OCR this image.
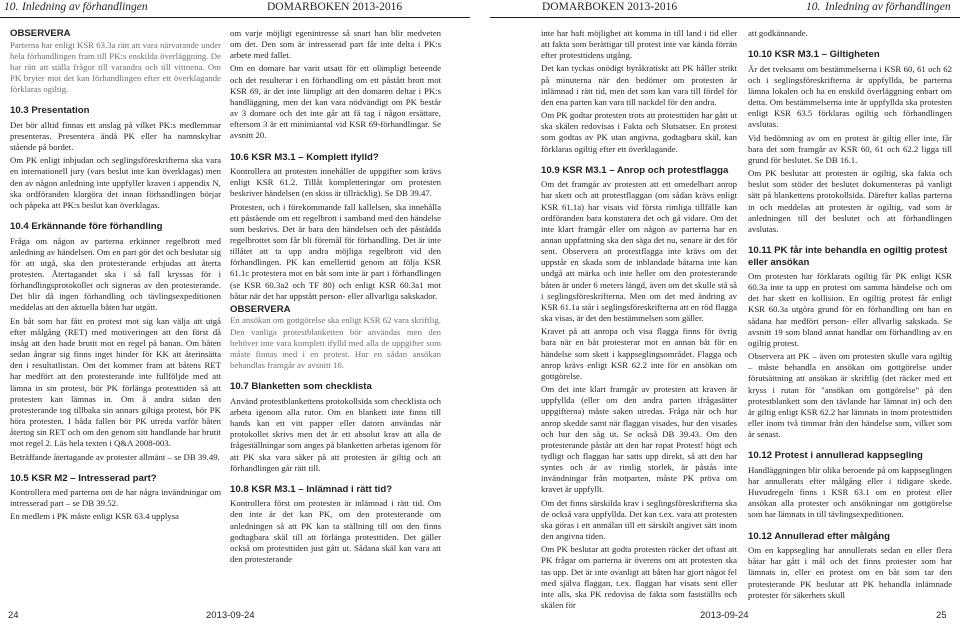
10. Inledning av förhandlingen	DOMARBOKEN 2013-2016	DOMARBOKEN 2013-2016	10. Inledning av förhandlingen
OBSERVERA

Parterna har enligt KSR 63.3a rätt att vara närvarande under hela förhandlingen fram till PK:s enskilda överläggning. De har rätt att ställa frågor till varandra och till vittnena. Om PK bryter mot det kan förhandlingen efter ett överklagande förklaras ogiltig.

10.3 Presentation

Det bör alltid finnas ett anslag på vilket PK:s medlemmar presenteras. Presentera ändå PK eller ha namnskyltar stående på bordet.

Om PK enligt inbjudan och seglingsföreskrifterna ska vara en internationell jury (vars beslut inte kan överklagas) men den av någon anledning inte uppfyller kraven i appendix N, ska ordföranden klargöra det innan förhandlingen börjar och påpeka att PK:s beslut kan överklagas.

10.4 Erkännande före förhandling

Fråga om någon av parterna erkänner regelbrott med anledning av händelsen. Om en part gör det och beslutar sig för att utgå, ska den protesterande erbjudas att återta protesten. Återtagandet ska i så fall kryssas för i förhandlingsprotokollet och signeras av den protesterande. Det blir då ingen förhandling och tävlingsexpeditionen meddelas att den aktuella båten har utgått.

En båt som har fått en protest mot sig kan välja att utgå efter målgång (RET) med motiveringen att den först då insåg att den hade brutit mot en regel på banan. Om båten sedan ångrar sig finns inget hinder för KK att återinsätta den i resultatlistan. Om det kommer fram att båtens RET har medfört att den protesterande inte fullföljde med att lämna in sin protest, bör PK förlänga protesttiden så att protesten kan lämnas in. Om å andra sidan den protesterande tog tillbaka sin annars giltiga protest, bör PK höra protesten. I båda fallen bör PK utreda varför båten återtog sin RET och om den genom sitt handlande har brutit mot regel 2. Läs hela texten i Q&A 2008-003.

Beträffande återtagande av protester allmänt – se DB 39.49.

10.5 KSR M2 – Intresserad part?

Kontrollera med parterna om de har några invändningar om intresserad part – se DB 39.52.

En medlem i PK måste enligt KSR 63.4 upplysa

om varje möjligt egenintresse så snart han blir medveten om det. Den som är intresserad part får inte delta i PK:s arbete med fallet.

Om en domare har varit utsatt för ett olämpligt beteende och det resulterar i en förhandling om ett påstått brott mot KSR 69, är det inte lämpligt att den domaren deltar i PK:s handläggning, men det kan vara nödvändigt om PK består av 3 domare och det inte går att få tag i någon ersättare, eftersom 3 är ett minimiantal vid KSR 69-förhandlingar. Se avsnitt 20.

10.6 KSR M3.1 – Komplett ifylld?

Kontrollera att protesten innehåller de uppgifter som krävs enligt KSR 61.2. Tillåt kompletteringar om protesten beskriver händelsen (en skiss är tillräcklig). Se DB 39.47.

Protesten, och i förekommande fall kallelsen, ska innehålla ett påstående om ett regelbrott i samband med den händelse som beskrivs. Det är bara den händelsen och det påstådda regelbrottet som får bli föremål för förhandling. Det är inte tillåtet att ta upp andra möjliga regelbrott vid den förhandlingen. PK kan emellertid genom att följa KSR 61.1c protestera mot en båt som inte är part i förhandlingen (se KSR 60.3a2 och TF 80) och enligt KSR 60.3a1 mot båtar när det har uppstått person- eller allvarliga sakskador.

OBSERVERA

En ansökan om gottgörelse ska enligt KSR 62 vara skriftlig. Den vanliga protestblanketten bör användas men den behöver inte vara komplett ifylld med alla de uppgifter som måste finnas med i en protest. Hur en sådan ansökan behandlas framgår av avsnitt 16.

10.7 Blanketten som checklista

Använd protestblankettens protokollsida som checklista och arbeta igenom alla rutor. Om en blankett inte finns till hands kan ett vitt papper eller datorn användas när protokollet skrivs men det är ett absolut krav att alla de frågeställningar som anges på blanketten arbetas igenom för att PK ska vara säker på att protesten är giltig och att förhandlingen går rätt till.

10.8 KSR M3.1 – Inlämnad i rätt tid?

Kontrollera först om protesten är inlämnad i rätt tid. Om den inte är det kan PK, om den protesterande om anledningen så att PK kan ta ställning till om den finns godtagbara skäl till att förlänga protesttiden. Det gäller också om protesttiden just gått ut. Sådana skäl kan vara att den protesterande

inte har haft möjlighet att komma in till land i tid eller att fakta som berättigar till protest inte var kända förrän efter protesttidens utgång.

Det kan tyckas onödigt byråkratiskt att PK håller strikt på minuterna när den bedömer om protesten är inlämnad i rätt tid, men det som kan vara till fördel för den ena parten kan vara till nackdel för den andra.

Om PK godtar protesten trots att protesttiden har gått ut ska skälen redovisas i Fakta och Slutsatser. En protest som godtas av PK utan angivna, godtagbara skäl, kan förklaras ogiltig efter ett överklagande.

10.9 KSR M3.1 – Anrop och protestflagga

Om det framgår av protesten att ett omedelbart anrop har skett och att protestflaggan (om sådan krävs enligt KSR 61.1a) har visats vid första rimliga tillfälle kan ordföranden bara konstatera det och gå vidare. Om det inte klart framgår eller om någon av parterna har en annan uppfattning ska den säga det nu, senare är det för sent. Observera att protestflagga inte krävs om det uppstår en skada som de inblandade båtarna inte kan undgå att märka och inte heller om den protesterande båten är under 6 meters längd, även om det skulle stå så i seglingsföreskrifterna. Men om det med ändring av KSR 61.1a står i seglingsföreskrifterna att en röd flagga ska visas, är det den bestämmelsen som gäller.

Kravet på att anropa och visa flagga finns för övrig bara när en båt protesterar mot en annan båt för en händelse som skett i kappseglingsområdet. Flagga och anrop krävs enligt KSR 62.2 inte för en ansökan om gottgörelse.

Om det inte klart framgår av protesten att kraven är uppfyllda (eller om den andra parten ifrågasätter uppgifterna) måste saken utredas. Fråga när och hur anrop skedde samt när flaggan visades, hur den visades och hur den såg ut. Se också DB 39.43. Om den protesterande påstår att den har ropat Protest! högt och tydligt och flaggan har satts upp direkt, så att den har syntes och är av rimlig storlek, är påstås inte invändningar från motparten, måste PK pröva om kravet är uppfyllt.

Om det finns särskilda krav i seglingsföreskrifterna ska de också vara uppfyllda. Det kan t.ex. vara att protesten ska göras i ett anmälan till ett särskilt angivet sätt inom den angivna tiden.

Om PK beslutar att godta protesten räcker det oftast att PK frågar om parterna är överens om att protesten ska tas upp. Det är inte ovanligt att båten har gjort något fel med själva flaggan, t.ex. flaggan har visats sent eller inte alls, ska PK redovisa de fakta som fastställts och skälen för

att godkännande.

10.10 KSR M3.1 – Giltigheten

Är det tveksamt om bestämmelserna i KSR 60, 61 och 62 och i seglingsföreskrifterna är uppfyllda, be parterna lämna lokalen och ha en enskild överläggning enbart om detta. Om bestämmelserna inte är uppfyllda ska protesten enligt KSR 63.5 förklaras ogiltig och förhandlingen avslutas.

Vid bedömning av om en protest är giltig eller inte, får bara det som framgår av KSR 60, 61 och 62.2 ligga till grund för beslutet. Se DB 16.1.

Om PK beslutar att protesten är ogiltig, ska fakta och beslut som stöder det beslutet dokumenteras på vanligt sätt på blankettens protokollsida. Därefter kallas parterna in och meddelas att protesten är ogiltig, vad som är anledningen till det beslutet och att förhandlingen avslutas.

10.11 PK får inte behandla en ogiltig protest eller ansökan

Om protesten har förklarats ogiltig får PK enligt KSR 60.3a inte ta upp en protest om samma händelse och om det har skett en kollision. En ogiltig protest får enligt KSR 60.3a utgöra grund för en förhandling om han en sådana har medfört person- eller allvarlig sakskada. Se avsnitt 19 som bland annat handlar om förhandling av en ogiltig protest.

Observera att PK – även om protesten skulle vara ogiltig – måste behandla en ansökan om gottgörelse under förutsättning att ansökan är skriftlig (det räcker med ett kryss i rutan för "ansökan om gottgörelse" på den protestblankett som den tävlande har lämnat in) och den är giltig enligt KSR 62.2 har lämnats in inom protesttiden eller inom två timmar från den händelse som, vilket som är senast.

10.12 Protest i annullerad kappsegling

Handläggningen blir olika beroende på om kappseglingen har annullerats efter målgång eller i tidigare skede. Huvudregeln finns i KSR 63.1 om en protest eller ansökan alla protester och ansökningar om gottgörelse som har lämnats in till tävlingsexpeditionen.

10.12 Annullerad efter målgång

Om en kappsegling har annullerats sedan en eller flera båtar har gått i mål och det finns protester som har lämnats in, eller en protest om en båt som tar den protesterande PK beslutar att PK behandla inlämnade protester för säkerhets skull

24	2013-09-24	2013-09-24	25
